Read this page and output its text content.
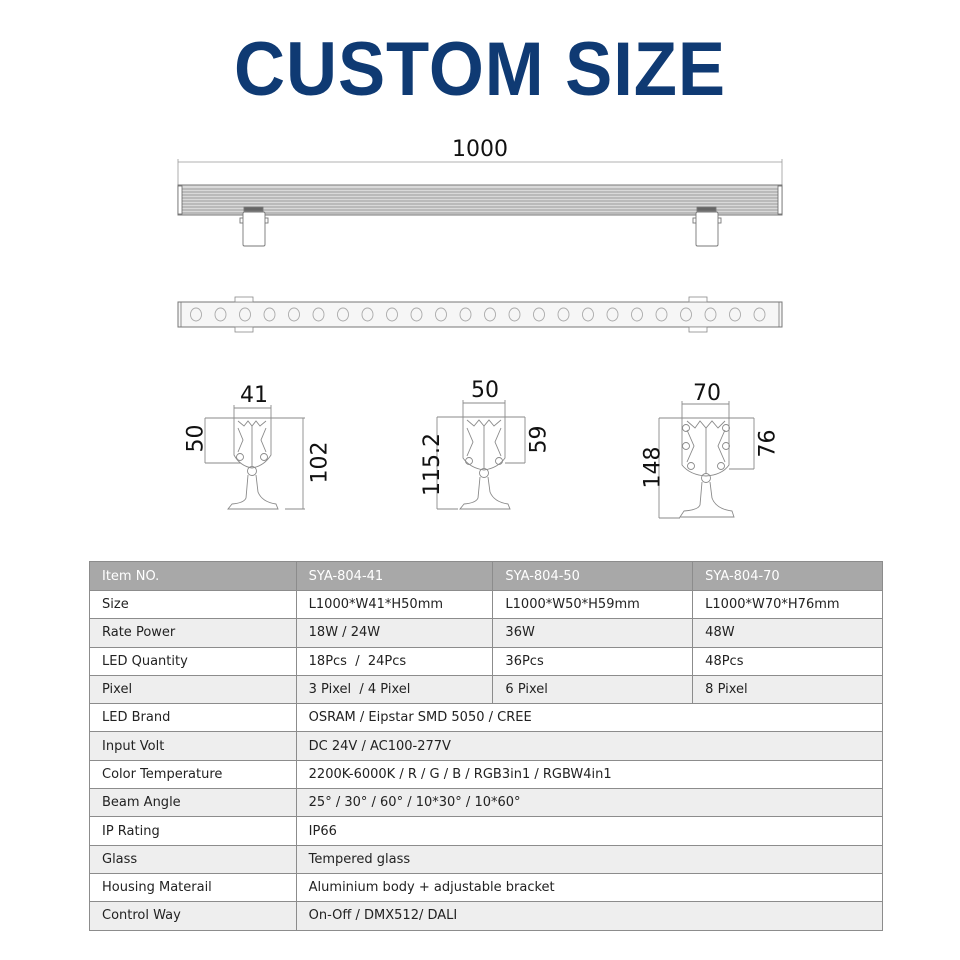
CUSTOM SIZE
1000
41
50
102
50
115.2	59
70
148
76
Item NO.	SYA-804-41	SYA-804-50	SYA-804-70
Size	L1000*W41*H50mm	L1000*W50*H59mm	L1000*W70*H76mm
Rate Power	18W / 24W	36W	48W
LED Quantity	18Pcs  /  24Pcs	36Pcs	48Pcs
Pixel	3 Pixel  / 4 Pixel	6 Pixel	8 Pixel
LED Brand	OSRAM / Eipstar SMD 5050 / CREE		
Input Volt	DC 24V / AC100-277V		
Color Temperature	2200K-6000K / R / G / B / RGB3in1 / RGBW4in1		
Beam Angle	25° / 30° / 60° / 10*30° / 10*60°		
IP Rating	IP66		
Glass	Tempered glass		
Housing Materail	Aluminium body + adjustable bracket		
Control Way	On-Off / DMX512/ DALI		
